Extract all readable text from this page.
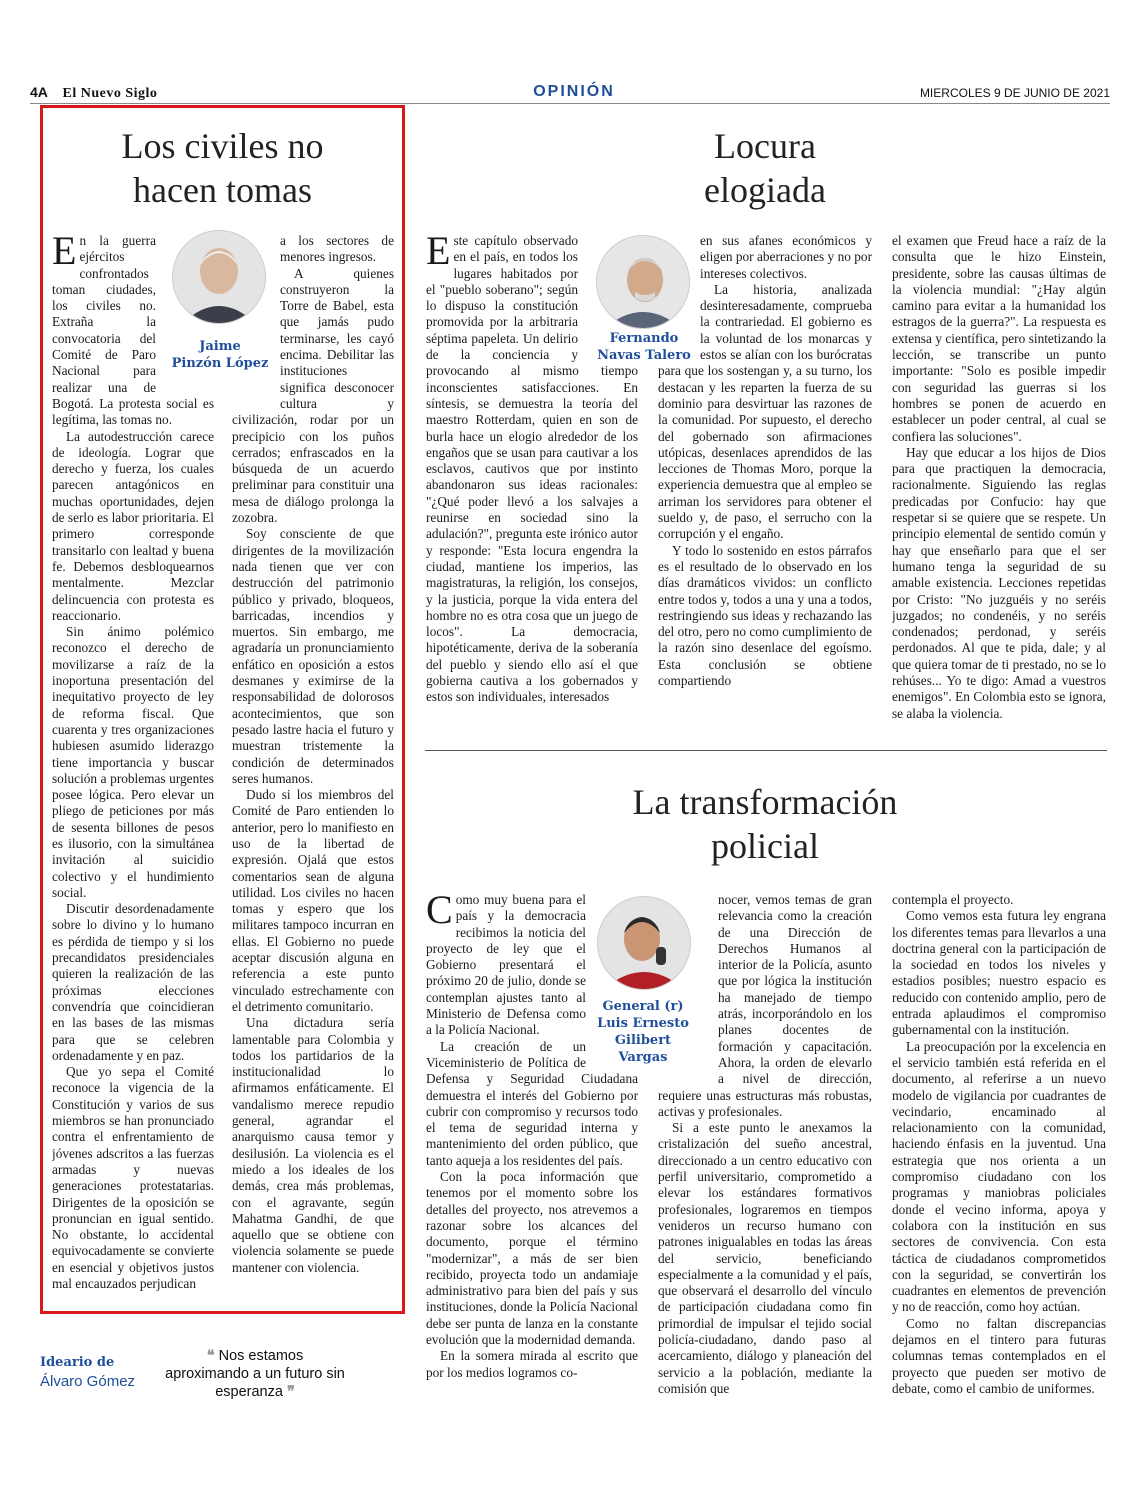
4A El Nuevo Siglo	OPINIÓN	MIERCOLES 9 DE JUNIO DE 2021
Los civiles no
hacen tomas
Jaime
Pinzón López
E n la guerra ejércitos confrontados toman ciudades, los civiles no. Extraña la convocatoria del Comité de Paro Nacional para realizar una de Bogotá. La protesta social es legítima, las tomas no.

La autodestrucción carece de ideología. Lograr que derecho y fuerza, los cuales parecen antagónicos en muchas oportunidades, dejen de serlo es labor prioritaria. El primero corresponde transitarlo con lealtad y buena fe. Debemos desbloquearnos mentalmente. Mezclar delincuencia con protesta es reaccionario.

Sin ánimo polémico reconozco el derecho de movilizarse a raíz de la inoportuna presentación del inequitativo proyecto de ley de reforma fiscal. Que cuarenta y tres organizaciones hubiesen asumido liderazgo tiene importancia y buscar solución a problemas urgentes posee lógica. Pero elevar un pliego de peticiones por más de sesenta billones de pesos es ilusorio, con la simultánea invitación al suicidio colectivo y el hundimiento social.

Discutir desordenadamente sobre lo divino y lo humano es pérdida de tiempo y si los precandidatos presidenciales quieren la realización de las próximas elecciones convendría que coincidieran en las bases de las mismas para que se celebren ordenadamente y en paz.

Que yo sepa el Comité reconoce la vigencia de la Constitución y varios de sus miembros se han pronunciado contra el enfrentamiento de jóvenes adscritos a las fuerzas armadas y nuevas generaciones protestatarias. Dirigentes de la oposición se pronuncian en igual sentido. No obstante, lo accidental equivocadamente se convierte en esencial y objetivos justos mal encauzados perjudican

a los sectores de menores ingresos.

A quienes construyeron la Torre de Babel, esta que jamás pudo terminarse, les cayó encima. Debilitar las instituciones significa desconocer cultura y civilización, rodar por un precipicio con los puños cerrados; enfrascados en la búsqueda de un acuerdo preliminar para constituir una mesa de diálogo prolonga la zozobra.

Soy consciente de que dirigentes de la movilización nada tienen que ver con destrucción del patrimonio público y privado, bloqueos, barricadas, incendios y muertos. Sin embargo, me agradaría un pronunciamiento enfático en oposición a estos desmanes y eximirse de la responsabilidad de dolorosos acontecimientos, que son pesado lastre hacia el futuro y muestran tristemente la condición de determinados seres humanos.

Dudo si los miembros del Comité de Paro entienden lo anterior, pero lo manifiesto en uso de la libertad de expresión. Ojalá que estos comentarios sean de alguna utilidad. Los civiles no hacen tomas y espero que los militares tampoco incurran en ellas. El Gobierno no puede aceptar discusión alguna en referencia a este punto vinculado estrechamente con el detrimento comunitario.

Una dictadura sería lamentable para Colombia y todos los partidarios de la institucionalidad lo afirmamos enfáticamente. El vandalismo merece repudio general, agrandar el anarquismo causa temor y desilusión. La violencia es el miedo a los ideales de los demás, crea más problemas, con el agravante, según Mahatma Gandhi, de que aquello que se obtiene con violencia solamente se puede mantener con violencia.

Locura
elogiada
Fernando
Navas Talero
E ste capítulo observado en el país, en todos los lugares habitados por el "pueblo soberano"; según lo dispuso la constitución promovida por la arbitraria séptima papeleta. Un delirio de la conciencia y provocando al mismo tiempo inconscientes satisfacciones. En síntesis, se demuestra la teoría del maestro Rotterdam, quien en son de burla hace un elogio alrededor de los engaños que se usan para cautivar a los esclavos, cautivos que por instinto abandonaron sus ideas racionales: "¿Qué poder llevó a los salvajes a reunirse en sociedad sino la adulación?", pregunta este irónico autor y responde: "Esta locura engendra la ciudad, mantiene los imperios, las magistraturas, la religión, los consejos, y la justicia, porque la vida entera del hombre no es otra cosa que un juego de locos". La democracia, hipotéticamente, deriva de la soberanía del pueblo y siendo ello así el que gobierna cautiva a los gobernados y estos son individuales, interesados

en sus afanes económicos y eligen por aberraciones y no por intereses colectivos.

La historia, analizada desinteresadamente, comprueba la contrariedad. El gobierno es la voluntad de los monarcas y estos se alían con los burócratas para que los sostengan y, a su turno, los destacan y les reparten la fuerza de su dominio para desvirtuar las razones de la comunidad. Por supuesto, el derecho del gobernado son afirmaciones utópicas, desenlaces aprendidos de las lecciones de Thomas Moro, porque la experiencia demuestra que al empleo se arriman los servidores para obtener el sueldo y, de paso, el serrucho con la corrupción y el engaño.

Y todo lo sostenido en estos párrafos es el resultado de lo observado en los días dramáticos vividos: un conflicto entre todos y, todos a una y una a todos, restringiendo sus ideas y rechazando las del otro, pero no como cumplimiento de la razón sino desenlace del egoísmo. Esta conclusión se obtiene compartiendo

el examen que Freud hace a raíz de la consulta que le hizo Einstein, presidente, sobre las causas últimas de la violencia mundial: "¿Hay algún camino para evitar a la humanidad los estragos de la guerra?". La respuesta es extensa y científica, pero sintetizando la lección, se transcribe un punto importante: "Solo es posible impedir con seguridad las guerras si los hombres se ponen de acuerdo en establecer un poder central, al cual se confiera las soluciones".

Hay que educar a los hijos de Dios para que practiquen la democracia, racionalmente. Siguiendo las reglas predicadas por Confucio: hay que respetar si se quiere que se respete. Un principio elemental de sentido común y hay que enseñarlo para que el ser humano tenga la seguridad de su amable existencia. Lecciones repetidas por Cristo: "No juzguéis y no seréis juzgados; no condenéis, y no seréis condenados; perdonad, y seréis perdonados. Al que te pida, dale; y al que quiera tomar de ti prestado, no se lo rehúses... Yo te digo: Amad a vuestros enemigos". En Colombia esto se ignora, se alaba la violencia.

La transformación
policial
General (r)
Luis Ernesto
Gilibert Vargas
C omo muy buena para el país y la democracia recibimos la noticia del proyecto de ley que el Gobierno presentará el próximo 20 de julio, donde se contemplan ajustes tanto al Ministerio de Defensa como a la Policía Nacional.

La creación de un Viceministerio de Política de Defensa y Seguridad Ciudadana demuestra el interés del Gobierno por cubrir con compromiso y recursos todo el tema de seguridad interna y mantenimiento del orden público, que tanto aqueja a los residentes del país.

Con la poca información que tenemos por el momento sobre los detalles del proyecto, nos atrevemos a razonar sobre los alcances del documento, porque el término "modernizar", a más de ser bien recibido, proyecta todo un andamiaje administrativo para bien del país y sus instituciones, donde la Policía Nacional debe ser punta de lanza en la constante evolución que la modernidad demanda.

En la somera mirada al escrito que por los medios logramos co-

nocer, vemos temas de gran relevancia como la creación de una Dirección de Derechos Humanos al interior de la Policía, asunto que por lógica la institución ha manejado de tiempo atrás, incorporándolo en los planes docentes de formación y capacitación. Ahora, la orden de elevarlo a nivel de dirección, requiere unas estructuras más robustas, activas y profesionales.

Si a este punto le anexamos la cristalización del sueño ancestral, direccionado a un centro educativo con perfil universitario, comprometido a elevar los estándares formativos profesionales, lograremos en tiempos venideros un recurso humano con patrones inigualables en todas las áreas del servicio, beneficiando especialmente a la comunidad y el país, que observará el desarrollo del vínculo de participación ciudadana como fin primordial de impulsar el tejido social policía-ciudadano, dando paso al acercamiento, diálogo y planeación del servicio a la población, mediante la comisión que

contempla el proyecto.

Como vemos esta futura ley engrana los diferentes temas para llevarlos a una doctrina general con la participación de la sociedad en todos los niveles y estadios posibles; nuestro espacio es reducido con contenido amplio, pero de entrada aplaudimos el compromiso gubernamental con la institución.

La preocupación por la excelencia en el servicio también está referida en el documento, al referirse a un nuevo modelo de vigilancia por cuadrantes de vecindario, encaminado al relacionamiento con la comunidad, haciendo énfasis en la juventud. Una estrategia que nos orienta a un compromiso ciudadano con los programas y maniobras policiales donde el vecino informa, apoya y colabora con la institución en sus sectores de convivencia. Con esta táctica de ciudadanos comprometidos con la seguridad, se convertirán los cuadrantes en elementos de prevención y no de reacción, como hoy actúan.

Como no faltan discrepancias dejamos en el tintero para futuras columnas temas contemplados en el proyecto que pueden ser motivo de debate, como el cambio de uniformes.

Ideario de
Álvaro Gómez
❝ Nos estamos aproximando a un futuro sin esperanza ❞
